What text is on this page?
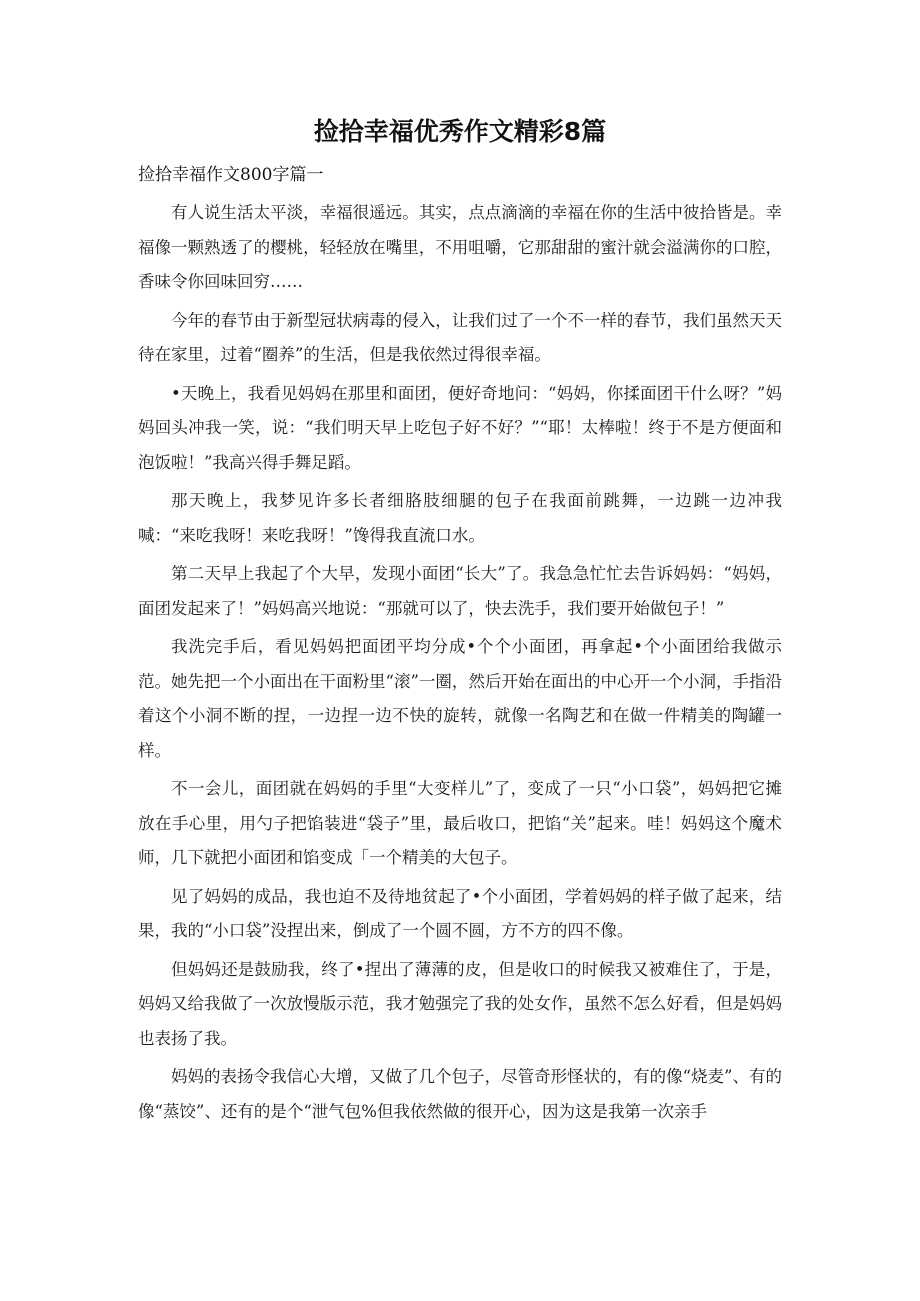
捡拾幸福优秀作文精彩8篇
捡拾幸福作文800字篇一

有人说生活太平淡，幸福很遥远。其实，点点滴滴的幸福在你的生活中彼拾皆是。幸福像一颗熟透了的樱桃，轻轻放在嘴里，不用咀嚼，它那甜甜的蜜汁就会溢满你的口腔，香味令你回味回穷……

今年的春节由于新型冠状病毒的侵入，让我们过了一个不一样的春节，我们虽然天天待在家里，过着“圈养”的生活，但是我依然过得很幸福。

•天晚上，我看见妈妈在那里和面团，便好奇地问：“妈妈，你揉面团干什么呀？”妈妈回头冲我一笑，说：“我们明天早上吃包子好不好？”“耶！太棒啦！终于不是方便面和泡饭啦！”我高兴得手舞足蹈。

那天晚上，我梦见许多长者细胳肢细腿的包子在我面前跳舞，一边跳一边冲我喊：“来吃我呀！来吃我呀！”馋得我直流口水。

第二天早上我起了个大早，发现小面团“长大”了。我急急忙忙去告诉妈妈：“妈妈，面团发起来了！”妈妈高兴地说：“那就可以了，快去洗手，我们要开始做包子！”

我洗完手后，看见妈妈把面团平均分成•个个小面团，再拿起•个小面团给我做示范。她先把一个小面出在干面粉里“滚”一圈，然后开始在面出的中心开一个小洞，手指沿着这个小洞不断的捏，一边捏一边不快的旋转，就像一名陶艺和在做一件精美的陶罐一样。

不一会儿，面团就在妈妈的手里“大变样儿”了，变成了一只“小口袋”，妈妈把它摊放在手心里，用勺子把馅装进“袋子”里，最后收口，把馅“关”起来。哇！妈妈这个魔术师，几下就把小面团和馅变成「一个精美的大包子。

见了妈妈的成品，我也迫不及待地贫起了•个小面团，学着妈妈的样子做了起来，结果，我的“小口袋”没捏出来，倒成了一个圆不圆，方不方的四不像。

但妈妈还是鼓励我，终了•捏出了薄薄的皮，但是收口的时候我又被难住了，于是，妈妈又给我做了一次放慢版示范，我才勉强完了我的处女作，虽然不怎么好看，但是妈妈也表扬了我。

妈妈的表扬令我信心大增，又做了几个包子，尽管奇形怪状的，有的像“烧麦”、有的像“蒸饺”、还有的是个“泄气包%但我依然做的很开心，因为这是我第一次亲手
